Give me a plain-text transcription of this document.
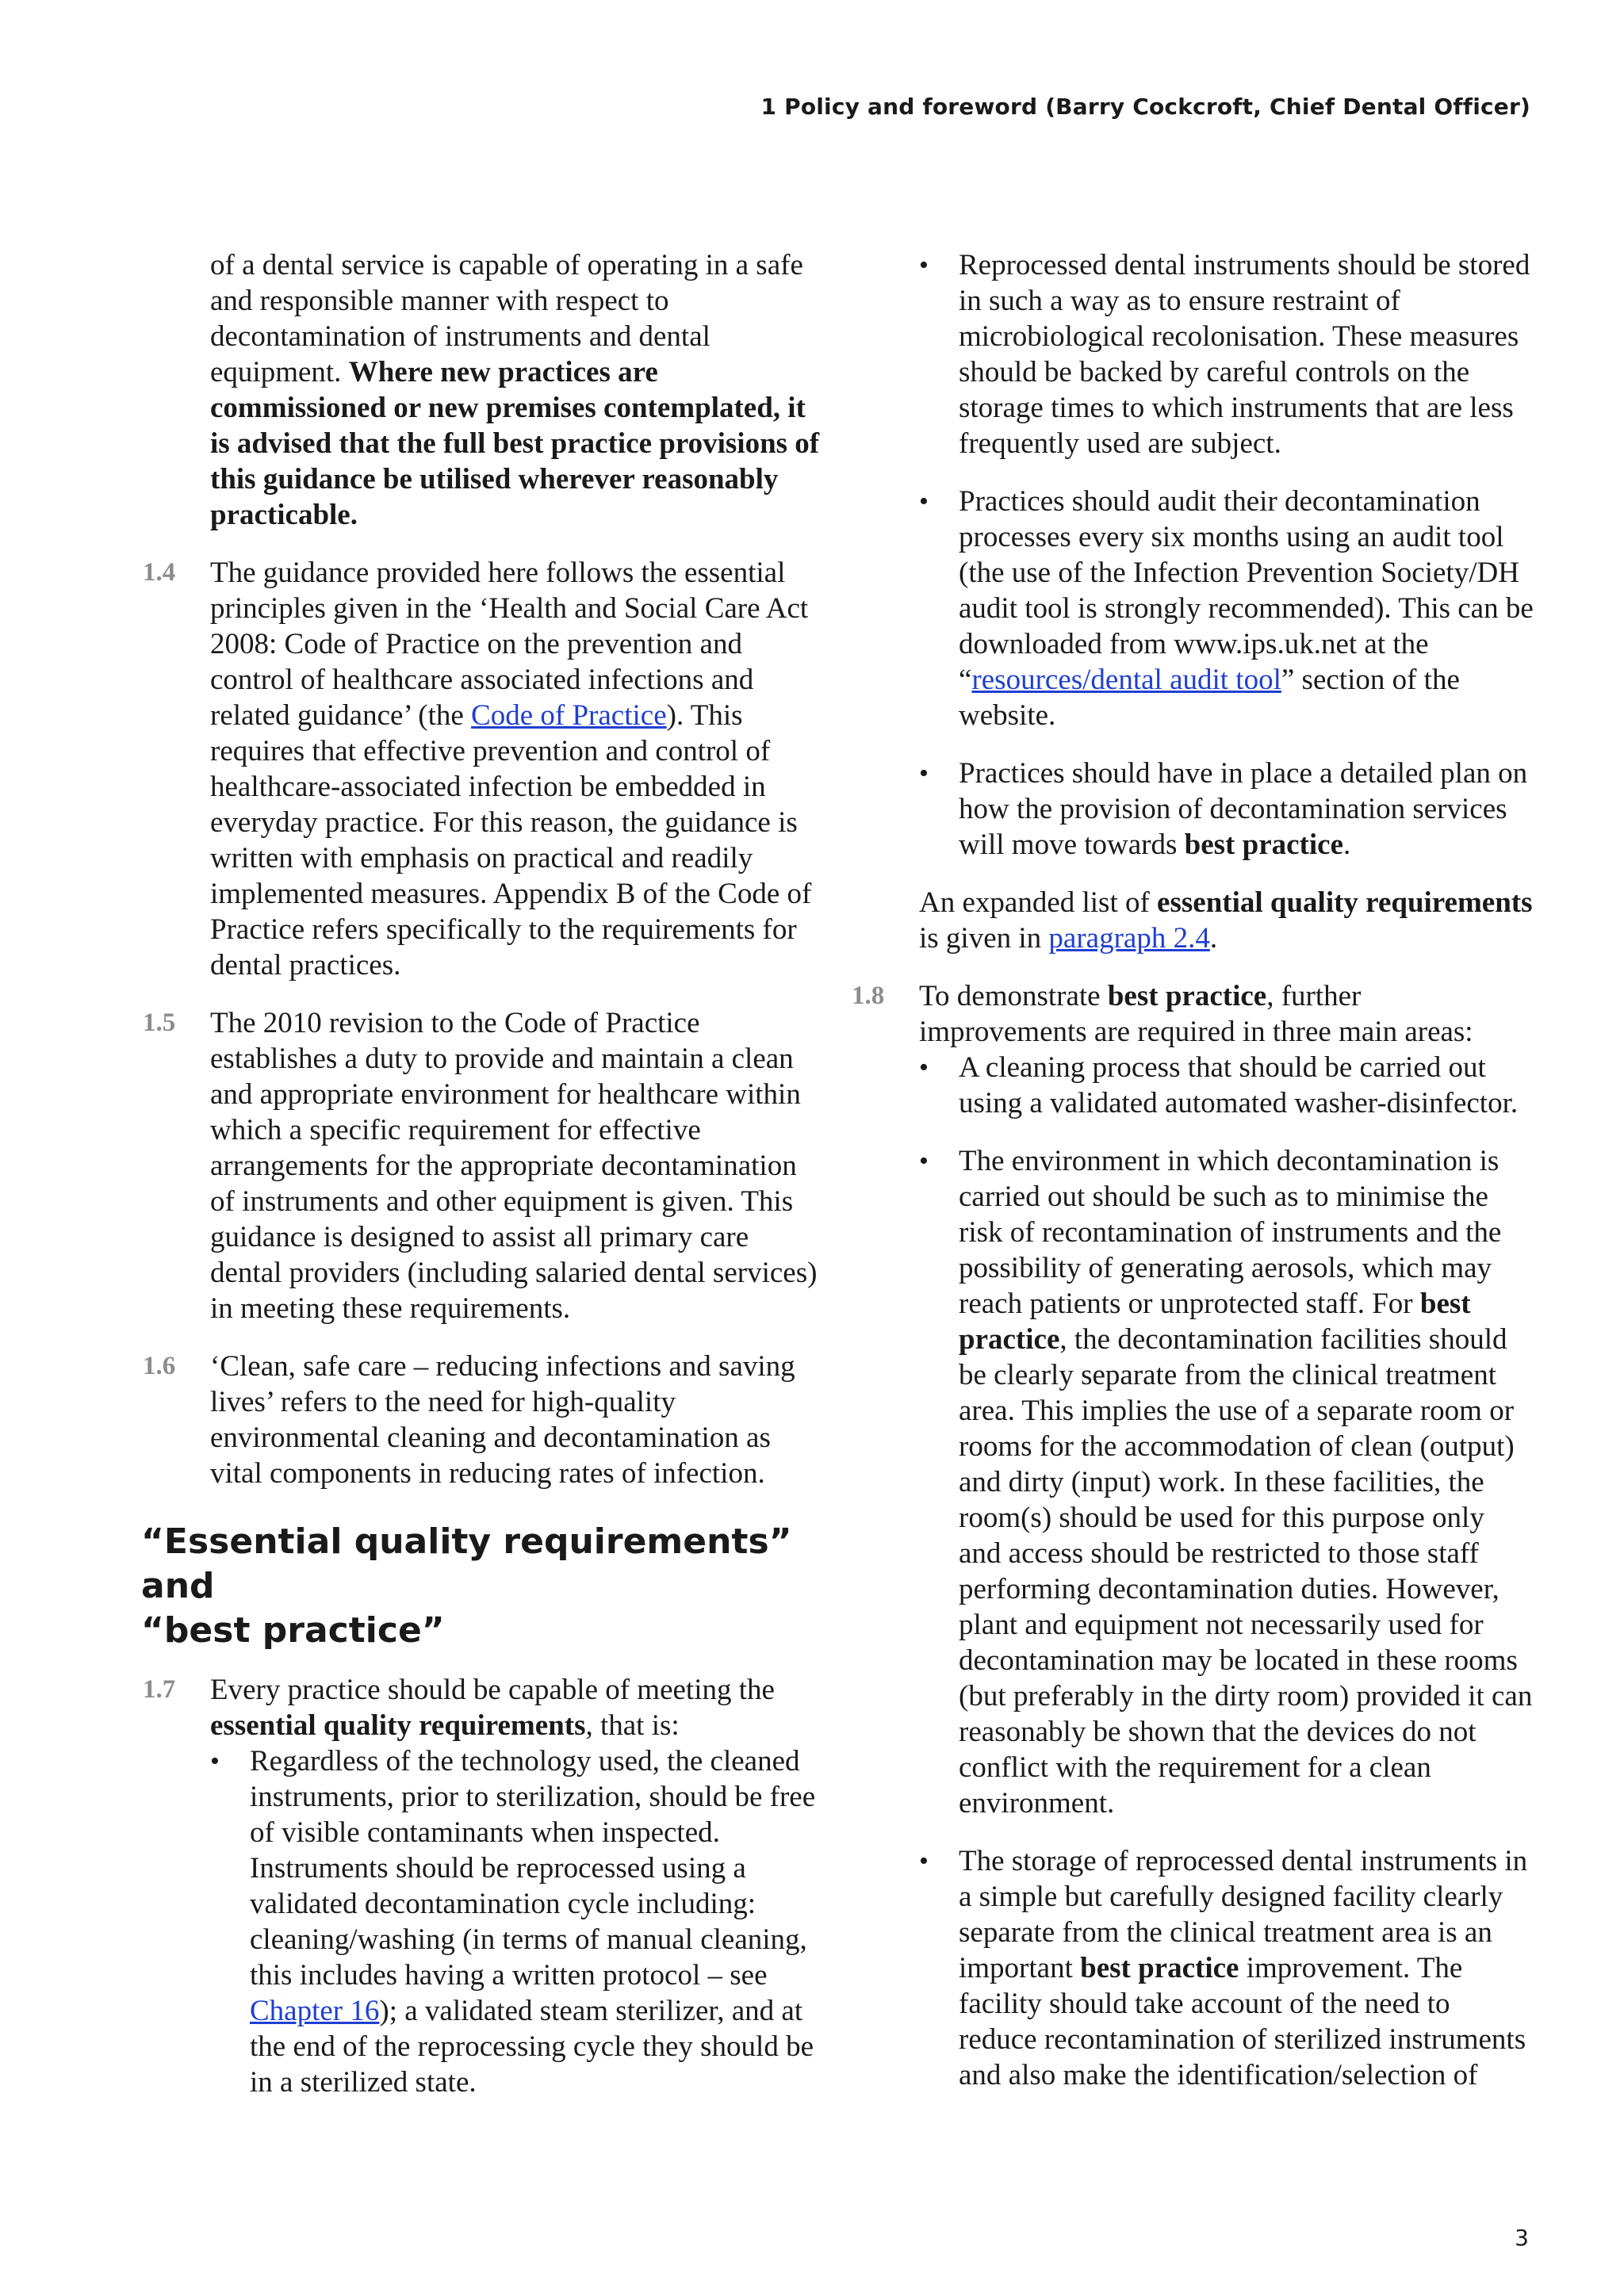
1 Policy and foreword (Barry Cockcroft, Chief Dental Officer)

of a dental service is capable of operating in a safe and responsible manner with respect to decontamination of instruments and dental equipment. Where new practices are commissioned or new premises contemplated, it is advised that the full best practice provisions of this guidance be utilised wherever reasonably practicable.

1.4 The guidance provided here follows the essential principles given in the ‘Health and Social Care Act 2008: Code of Practice on the prevention and control of healthcare associated infections and related guidance’ (the Code of Practice). This requires that effective prevention and control of healthcare-associated infection be embedded in everyday practice. For this reason, the guidance is written with emphasis on practical and readily implemented measures. Appendix B of the Code of Practice refers specifically to the requirements for dental practices.

1.5 The 2010 revision to the Code of Practice establishes a duty to provide and maintain a clean and appropriate environment for healthcare within which a specific requirement for effective arrangements for the appropriate decontamination of instruments and other equipment is given. This guidance is designed to assist all primary care dental providers (including salaried dental services) in meeting these requirements.

1.6 ‘Clean, safe care – reducing infections and saving lives’ refers to the need for high-quality environmental cleaning and decontamination as vital components in reducing rates of infection.

“Essential quality requirements” and
“best practice”
1.7 Every practice should be capable of meeting the essential quality requirements, that is:

• Regardless of the technology used, the cleaned instruments, prior to sterilization, should be free of visible contaminants when inspected. Instruments should be reprocessed using a validated decontamination cycle including: cleaning/washing (in terms of manual cleaning, this includes having a written protocol – see Chapter 16); a validated steam sterilizer, and at the end of the reprocessing cycle they should be in a sterilized state.
• Reprocessed dental instruments should be stored in such a way as to ensure restraint of microbiological recolonisation. These measures should be backed by careful controls on the storage times to which instruments that are less frequently used are subject.
• Practices should audit their decontamination processes every six months using an audit tool (the use of the Infection Prevention Society/DH audit tool is strongly recommended). This can be downloaded from www.ips.uk.net at the “resources/dental audit tool” section of the website.
• Practices should have in place a detailed plan on how the provision of decontamination services will move towards best practice.

An expanded list of essential quality requirements is given in paragraph 2.4.

1.8 To demonstrate best practice, further improvements are required in three main areas:

• A cleaning process that should be carried out using a validated automated washer-disinfector.
• The environment in which decontamination is carried out should be such as to minimise the risk of recontamination of instruments and the possibility of generating aerosols, which may reach patients or unprotected staff. For best practice, the decontamination facilities should be clearly separate from the clinical treatment area. This implies the use of a separate room or rooms for the accommodation of clean (output) and dirty (input) work. In these facilities, the room(s) should be used for this purpose only and access should be restricted to those staff performing decontamination duties. However, plant and equipment not necessarily used for decontamination may be located in these rooms (but preferably in the dirty room) provided it can reasonably be shown that the devices do not conflict with the requirement for a clean environment.
• The storage of reprocessed dental instruments in a simple but carefully designed facility clearly separate from the clinical treatment area is an important best practice improvement. The facility should take account of the need to reduce recontamination of sterilized instruments and also make the identification/selection of
3
